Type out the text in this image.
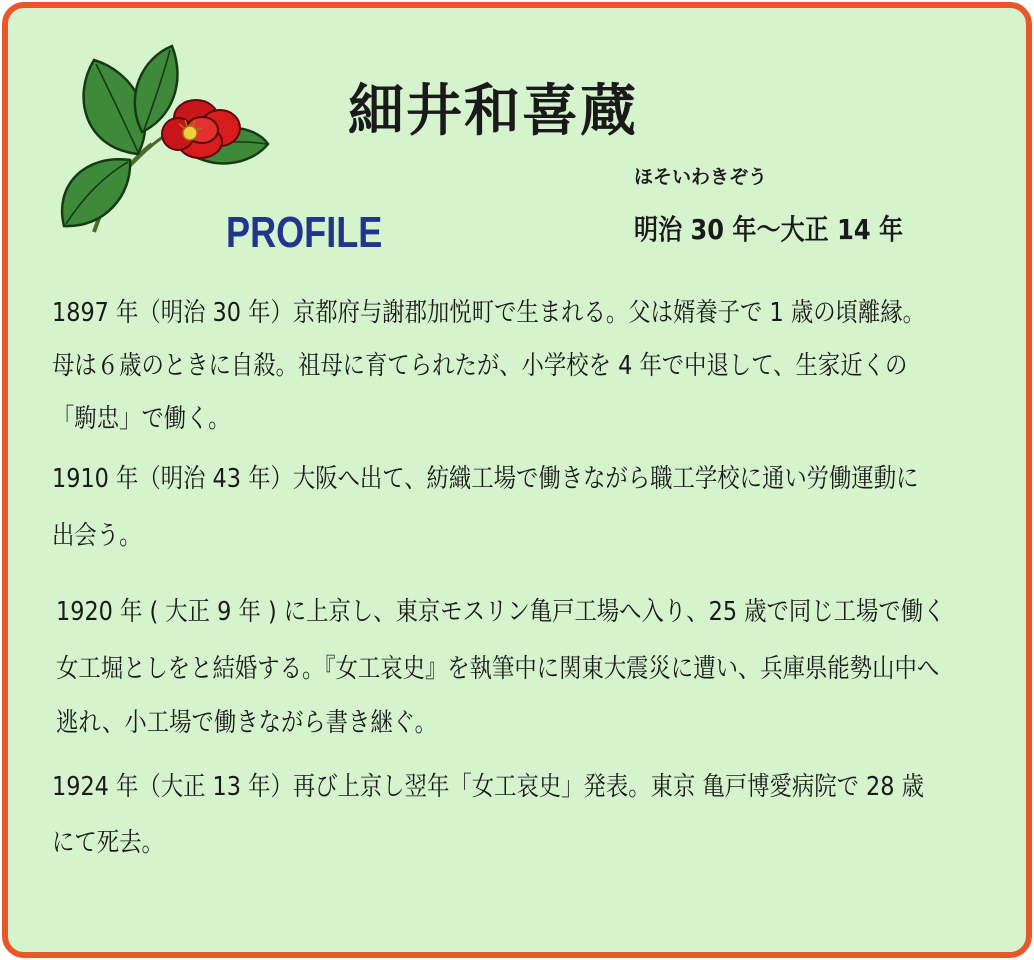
細井和喜蔵
ほそいわきぞう
明治 30 年〜大正 14 年
PROFILE
1897 年（明治 30 年）京都府与謝郡加悦町で生まれる。父は婿養子で 1 歳の頃離縁。
母は６歳のときに自殺。祖母に育てられたが、小学校を 4 年で中退して、生家近くの
「駒忠」で働く。
1910 年（明治 43 年）大阪へ出て、紡織工場で働きながら職工学校に通い労働運動に
出会う。
1920 年 ( 大正 9 年 ) に上京し、東京モスリン亀戸工場へ入り、25 歳で同じ工場で働く
女工堀としをと結婚する。『女工哀史』を執筆中に関東大震災に遭い、兵庫県能勢山中へ
逃れ、小工場で働きながら書き継ぐ。
1924 年（大正 13 年）再び上京し翌年「女工哀史」発表。東京 亀戸博愛病院で 28 歳
にて死去。
